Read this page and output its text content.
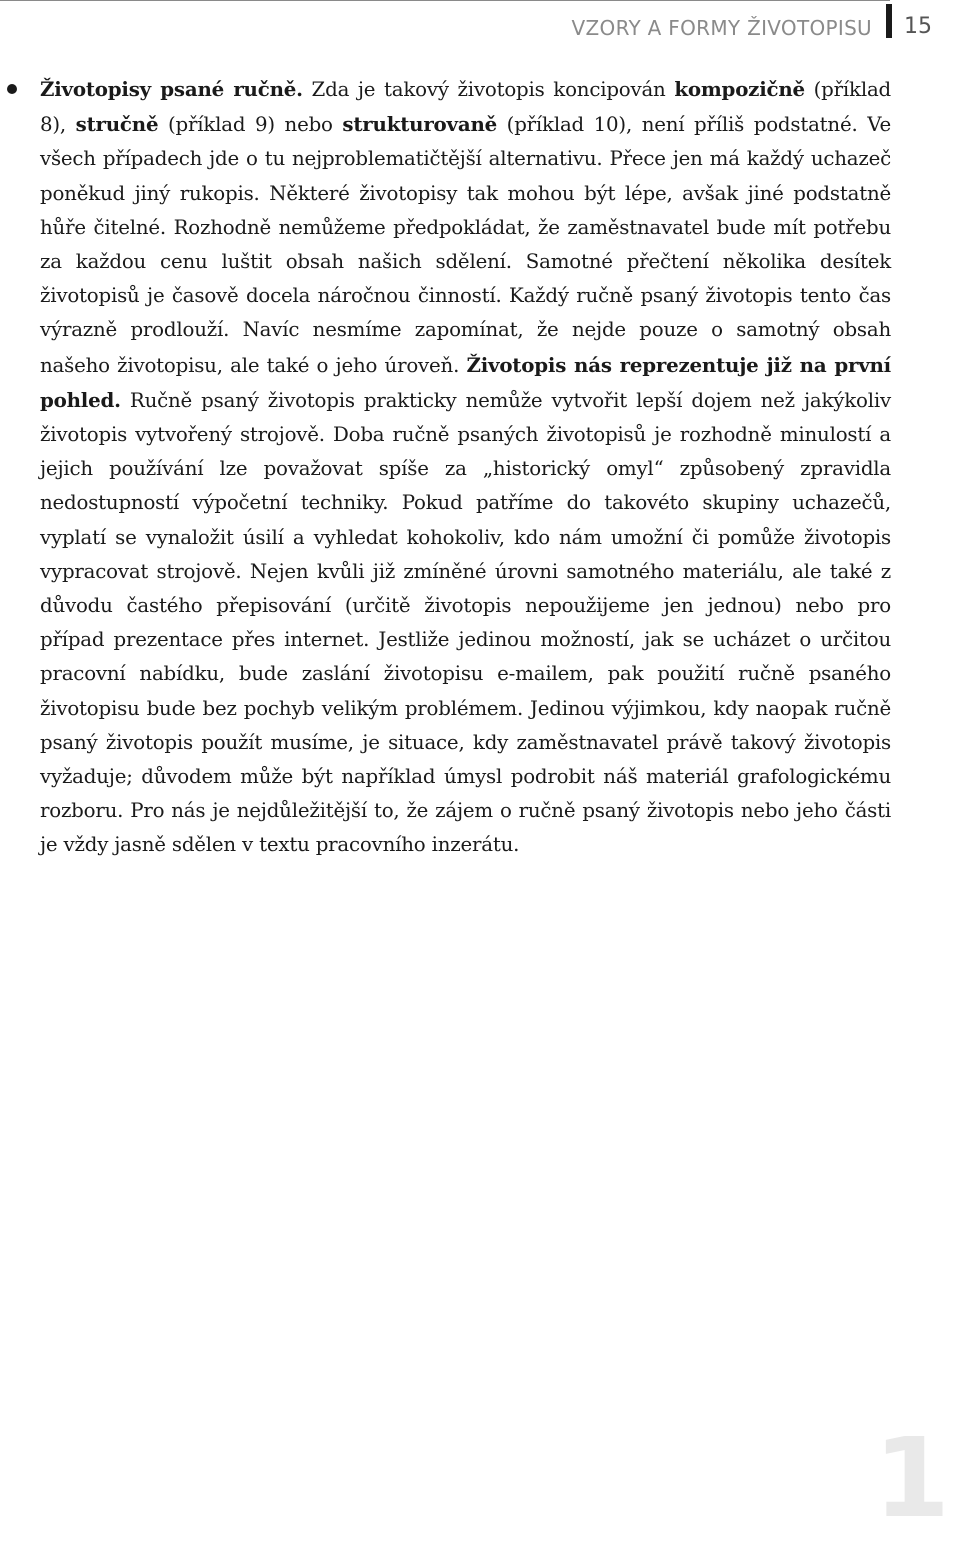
VZORY A FORMY ŽIVOTOPISU 15

Životopisy psané ručně. Zda je takový životopis koncipován kompozičně (příklad 8), stručně (příklad 9) nebo strukturovaně (příklad 10), není příliš podstatné. Ve všech případech jde o tu nejproblematičtější alternativu. Přece jen má každý uchazeč poněkud jiný rukopis. Některé životopisy tak mohou být lépe, avšak jiné podstatně hůře čitelné. Rozhodně nemůžeme předpokládat, že zaměstnavatel bude mít potřebu za každou cenu luštit obsah našich sdělení. Samotné přečtení několika desítek životopisů je časově docela náročnou činností. Každý ručně psaný životopis tento čas výrazně prodlouží. Navíc nesmíme zapomínat, že nejde pouze o samotný obsah našeho životopisu, ale také o jeho úroveň. Životopis nás reprezentuje již na první pohled. Ručně psaný životopis prakticky nemůže vytvořit lepší dojem než jakýkoliv životopis vytvořený strojově. Doba ručně psaných životopisů je rozhodně minulostí a jejich používání lze považovat spíše za „historický omyl“ způsobený zpravidla nedostupností výpočetní techniky. Pokud patříme do takovéto skupiny uchazečů, vyplatí se vynaložit úsilí a vyhledat kohokoliv, kdo nám umožní či pomůže životopis vypracovat strojově. Nejen kvůli již zmíněné úrovni samotného materiálu, ale také z důvodu častého přepisování (určitě životopis nepoužijeme jen jednou) nebo pro případ prezentace přes internet. Jestliže jedinou možností, jak se ucházet o určitou pracovní nabídku, bude zaslání životopisu e-mailem, pak použití ručně psaného životopisu bude bez pochyb velikým problémem. Jedinou výjimkou, kdy naopak ručně psaný životopis použít musíme, je situace, kdy zaměstnavatel právě takový životopis vyžaduje; důvodem může být například úmysl podrobit náš materiál grafologickému rozboru. Pro nás je nejdůležitější to, že zájem o ručně psaný životopis nebo jeho části je vždy jasně sdělen v textu pracovního inzerátu.

1
